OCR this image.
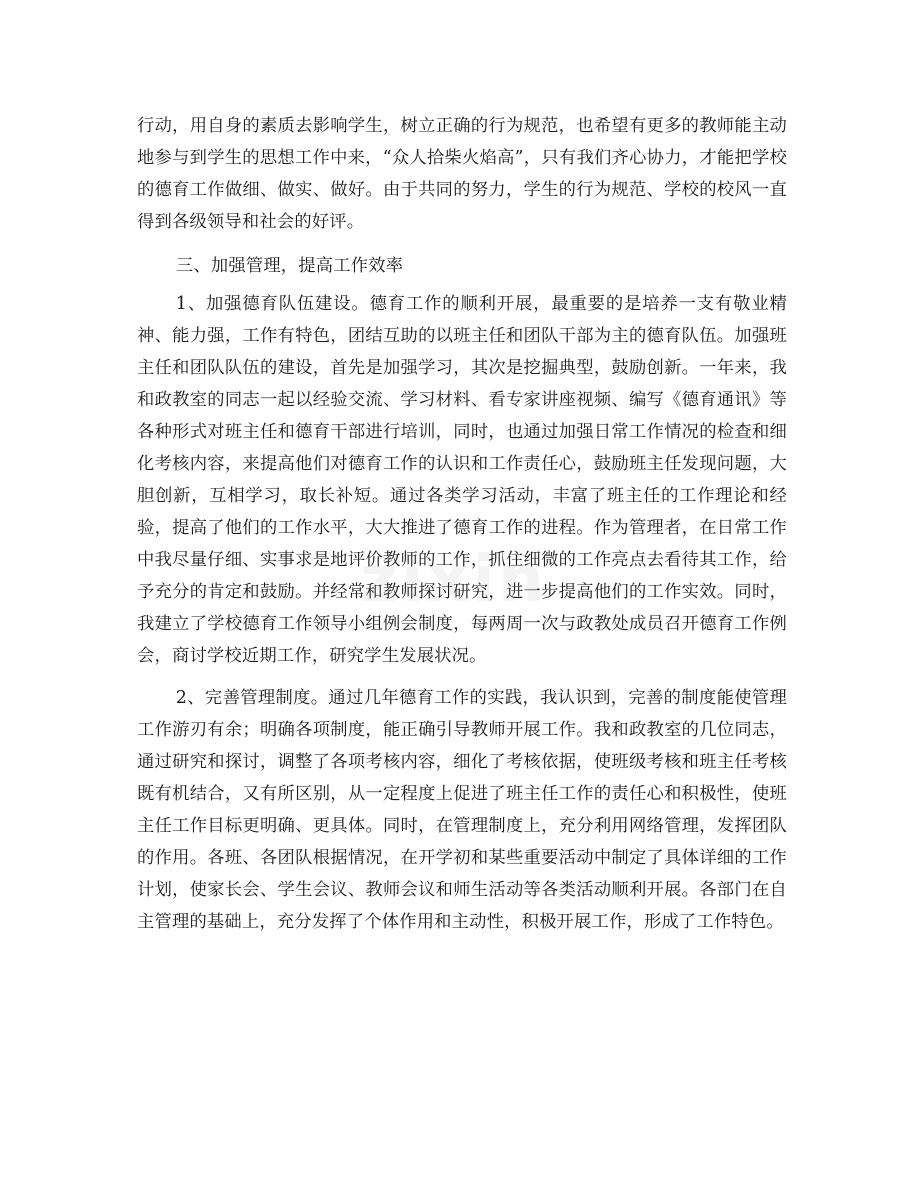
行动，用自身的素质去影响学生，树立正确的行为规范，也希望有更多的教师能主动地参与到学生的思想工作中来，“众人拾柴火焰高”，只有我们齐心协力，才能把学校的德育工作做细、做实、做好。由于共同的努力，学生的行为规范、学校的校风一直得到各级领导和社会的好评。

三、加强管理，提高工作效率

1、加强德育队伍建设。德育工作的顺利开展，最重要的是培养一支有敬业精神、能力强，工作有特色，团结互助的以班主任和团队干部为主的德育队伍。加强班主任和团队队伍的建设，首先是加强学习，其次是挖掘典型，鼓励创新。一年来，我和政教室的同志一起以经验交流、学习材料、看专家讲座视频、编写《德育通讯》等各种形式对班主任和德育干部进行培训，同时，也通过加强日常工作情况的检查和细化考核内容，来提高他们对德育工作的认识和工作责任心，鼓励班主任发现问题，大胆创新，互相学习，取长补短。通过各类学习活动，丰富了班主任的工作理论和经验，提高了他们的工作水平，大大推进了德育工作的进程。作为管理者，在日常工作中我尽量仔细、实事求是地评价教师的工作，抓住细微的工作亮点去看待其工作，给予充分的肯定和鼓励。并经常和教师探讨研究，进一步提高他们的工作实效。同时，我建立了学校德育工作领导小组例会制度，每两周一次与政教处成员召开德育工作例会，商讨学校近期工作，研究学生发展状况。

2、完善管理制度。通过几年德育工作的实践，我认识到，完善的制度能使管理工作游刃有余；明确各项制度，能正确引导教师开展工作。我和政教室的几位同志，通过研究和探讨，调整了各项考核内容，细化了考核依据，使班级考核和班主任考核既有机结合，又有所区别，从一定程度上促进了班主任工作的责任心和积极性，使班主任工作目标更明确、更具体。同时，在管理制度上，充分利用网络管理，发挥团队的作用。各班、各团队根据情况，在开学初和某些重要活动中制定了具体详细的工作计划，使家长会、学生会议、教师会议和师生活动等各类活动顺利开展。各部门在自主管理的基础上，充分发挥了个体作用和主动性，积极开展工作，形成了工作特色。

zixin
